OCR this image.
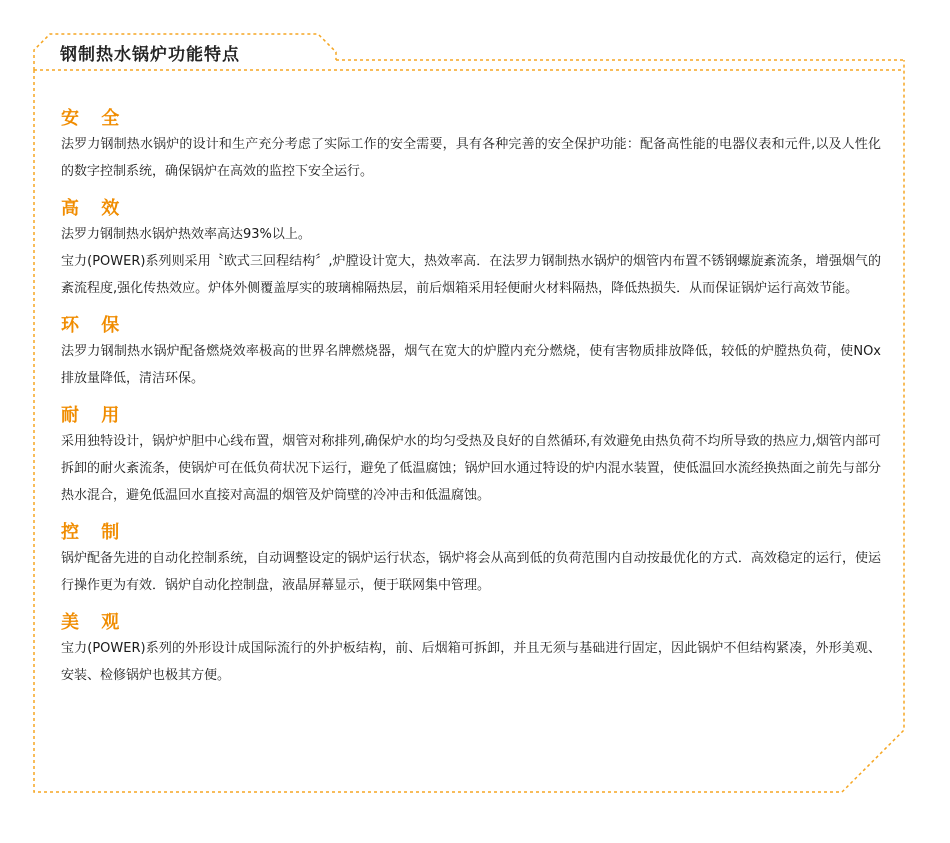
钢制热水锅炉功能特点
安 全

法罗力钢制热水锅炉的设计和生产充分考虑了实际工作的安全需要，具有各种完善的安全保护功能：配备高性能的电器仪表和元件,以及人性化的数字控制系统，确保锅炉在高效的监控下安全运行。

高 效

法罗力钢制热水锅炉热效率高达93%以上。

宝力(POWER)系列则采用〝欧式三回程结构〞,炉膛设计宽大，热效率高．在法罗力钢制热水锅炉的烟管内布置不锈钢螺旋紊流条，增强烟气的紊流程度,强化传热效应。炉体外侧覆盖厚实的玻璃棉隔热层，前后烟箱采用轻便耐火材料隔热，降低热损失．从而保证锅炉运行高效节能。

环 保

法罗力钢制热水锅炉配备燃烧效率极高的世界名牌燃烧器，烟气在宽大的炉膛内充分燃烧，使有害物质排放降低，较低的炉膛热负荷，使NOx排放量降低，清洁环保。

耐 用

采用独特设计，锅炉炉胆中心线布置，烟管对称排列,确保炉水的均匀受热及良好的自然循环,有效避免由热负荷不均所导致的热应力,烟管内部可拆卸的耐火紊流条，使锅炉可在低负荷状况下运行，避免了低温腐蚀；锅炉回水通过特设的炉内混水装置，使低温回水流经换热面之前先与部分热水混合，避免低温回水直接对高温的烟管及炉筒壁的冷冲击和低温腐蚀。

控 制

锅炉配备先进的自动化控制系统，自动调整设定的锅炉运行状态，锅炉将会从高到低的负荷范围内自动按最优化的方式．高效稳定的运行，使运行操作更为有效．锅炉自动化控制盘，液晶屏幕显示，便于联网集中管理。

美 观

宝力(POWER)系列的外形设计成国际流行的外护板结构，前、后烟箱可拆卸，并且无须与基础进行固定，因此锅炉不但结构紧凑，外形美观、安装、检修锅炉也极其方便。
